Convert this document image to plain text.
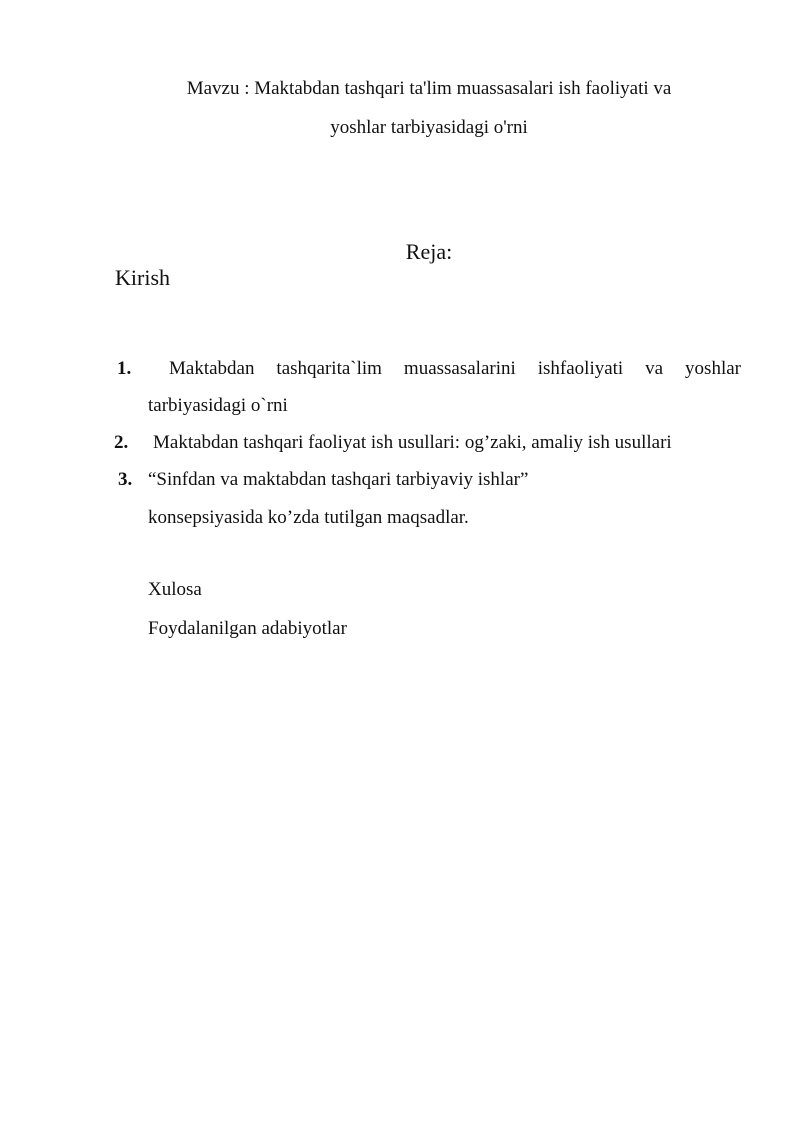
Mavzu : Maktabdan tashqari ta'lim muassasalari ish faoliyati va
yoshlar tarbiyasidagi o'rni
Reja:
Kirish
1. Maktabdan tashqarita`lim muassasalarini ishfaoliyati va yoshlar
tarbiyasidagi o`rni
2. Maktabdan tashqari faoliyat ish usullari: og’zaki, amaliy ish usullari
3. “Sinfdan va maktabdan tashqari tarbiyaviy ishlar”
konsepsiyasida ko’zda tutilgan maqsadlar.
Xulosa
Foydalanilgan adabiyotlar
